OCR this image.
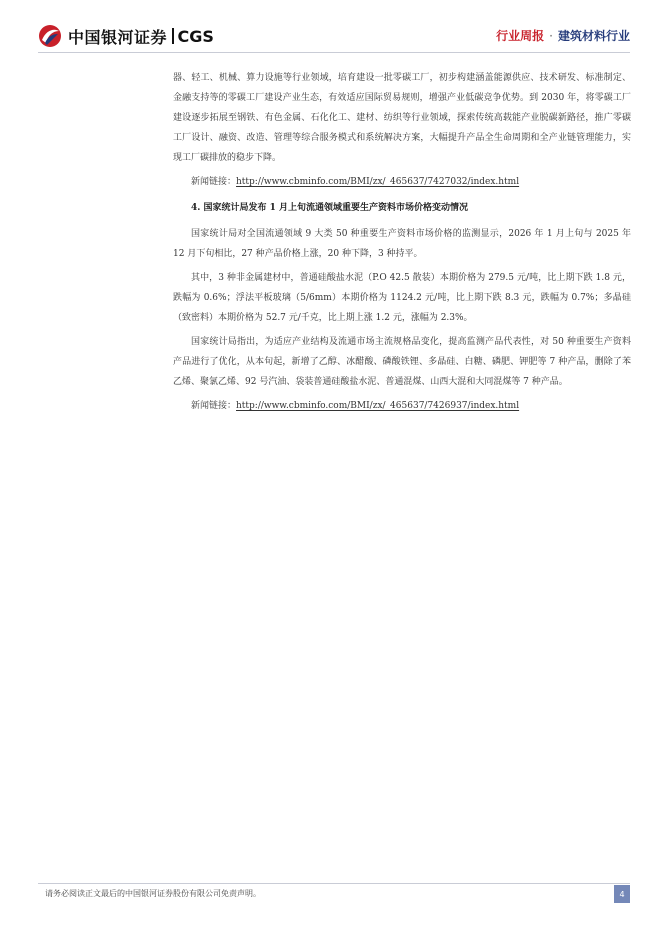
中国银河证券 CGS	行业周报 · 建筑材料行业

器、轻工、机械、算力设施等行业领域，培育建设一批零碳工厂，初步构建涵盖能源供应、技术研发、标准制定、金融支持等的零碳工厂建设产业生态，有效适应国际贸易规则，增强产业低碳竞争优势。到 2030 年，将零碳工厂建设逐步拓展至钢铁、有色金属、石化化工、建材、纺织等行业领域，探索传统高载能产业脱碳新路径，推广零碳工厂设计、融资、改造、管理等综合服务模式和系统解决方案，大幅提升产品全生命周期和全产业链管理能力，实现工厂碳排放的稳步下降。

新闻链接：http://www.cbminfo.com/BMI/zx/_465637/7427032/index.html
4. 国家统计局发布 1 月上旬流通领域重要生产资料市场价格变动情况

国家统计局对全国流通领域 9 大类 50 种重要生产资料市场价格的监测显示，2026 年 1 月上旬与 2025 年 12 月下旬相比，27 种产品价格上涨，20 种下降，3 种持平。

其中，3 种非金属建材中，普通硅酸盐水泥（P.O 42.5 散装）本期价格为 279.5 元/吨，比上期下跌 1.8 元，跌幅为 0.6%；浮法平板玻璃（5/6mm）本期价格为 1124.2 元/吨，比上期下跌 8.3 元，跌幅为 0.7%；多晶硅（致密料）本期价格为 52.7 元/千克，比上期上涨 1.2 元，涨幅为 2.3%。

国家统计局指出，为适应产业结构及流通市场主流规格品变化，提高监测产品代表性，对 50 种重要生产资料产品进行了优化，从本旬起，新增了乙醇、冰醋酸、磷酸铁锂、多晶硅、白糖、磷肥、钾肥等 7 种产品，删除了苯乙烯、聚氯乙烯、92 号汽油、袋装普通硅酸盐水泥、普通混煤、山西大混和大同混煤等 7 种产品。

新闻链接：http://www.cbminfo.com/BMI/zx/_465637/7426937/index.html
请务必阅读正文最后的中国银河证券股份有限公司免责声明。	4
